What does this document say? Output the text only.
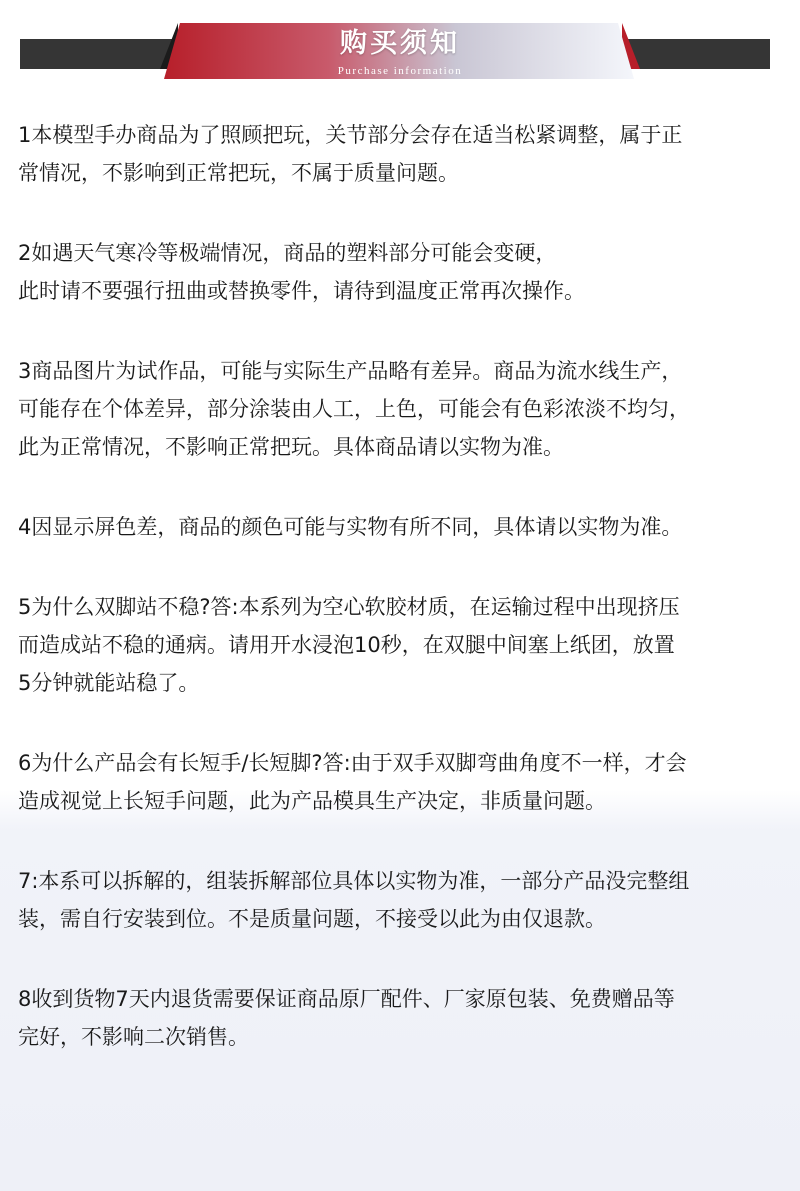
购买须知
Purchase information
1本模型手办商品为了照顾把玩，关节部分会存在适当松紧调整，属于正
常情况，不影响到正常把玩，不属于质量问题。
2如遇天气寒冷等极端情况，商品的塑料部分可能会变硬，
此时请不要强行扭曲或替换零件，请待到温度正常再次操作。
3商品图片为试作品，可能与实际生产品略有差异。商品为流水线生产，
可能存在个体差异，部分涂装由人工，上色，可能会有色彩浓淡不均匀，
此为正常情况，不影响正常把玩。具体商品请以实物为准。
4因显示屏色差，商品的颜色可能与实物有所不同，具体请以实物为准。
5为什么双脚站不稳?答:本系列为空心软胶材质，在运输过程中出现挤压
而造成站不稳的通病。请用开水浸泡10秒，在双腿中间塞上纸团，放置
5分钟就能站稳了。
6为什么产品会有长短手/长短脚?答:由于双手双脚弯曲角度不一样，才会
造成视觉上长短手问题，此为产品模具生产决定，非质量问题。
7:本系可以拆解的，组装拆解部位具体以实物为准，一部分产品没完整组
装，需自行安装到位。不是质量问题，不接受以此为由仅退款。
8收到货物7天内退货需要保证商品原厂配件、厂家原包装、免费赠品等
完好，不影响二次销售。
